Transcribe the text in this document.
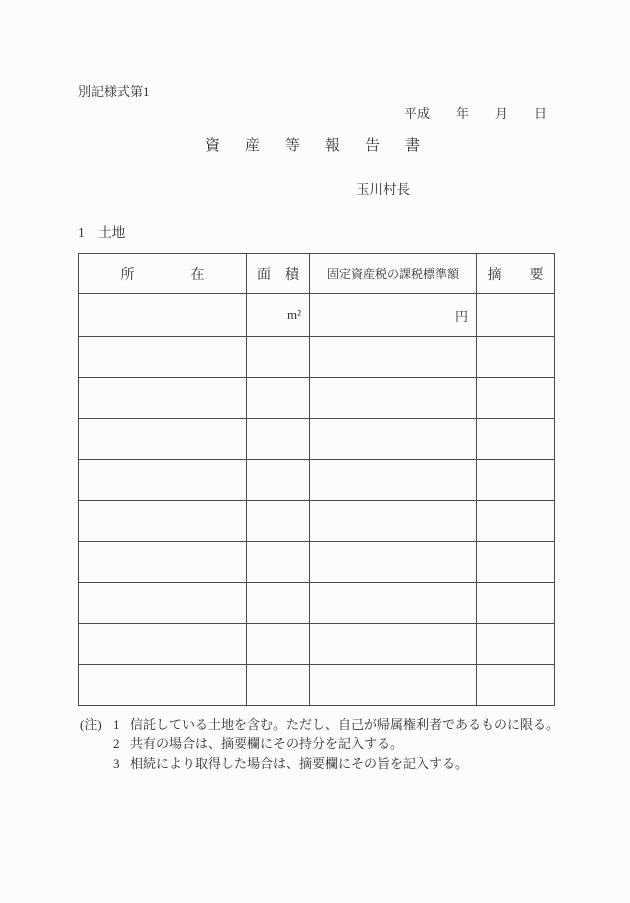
別記様式第1
平成　　年　　月　　日
資　産　等　報　告　書
玉川村長
1　土地
所　　　　在	面　積	固定資産税の課税標準額	摘　　要
	m²	円	

(注) 1 信託している土地を含む。ただし、自己が帰属権利者であるものに限る。
2 共有の場合は、摘要欄にその持分を記入する。
3 相続により取得した場合は、摘要欄にその旨を記入する。
